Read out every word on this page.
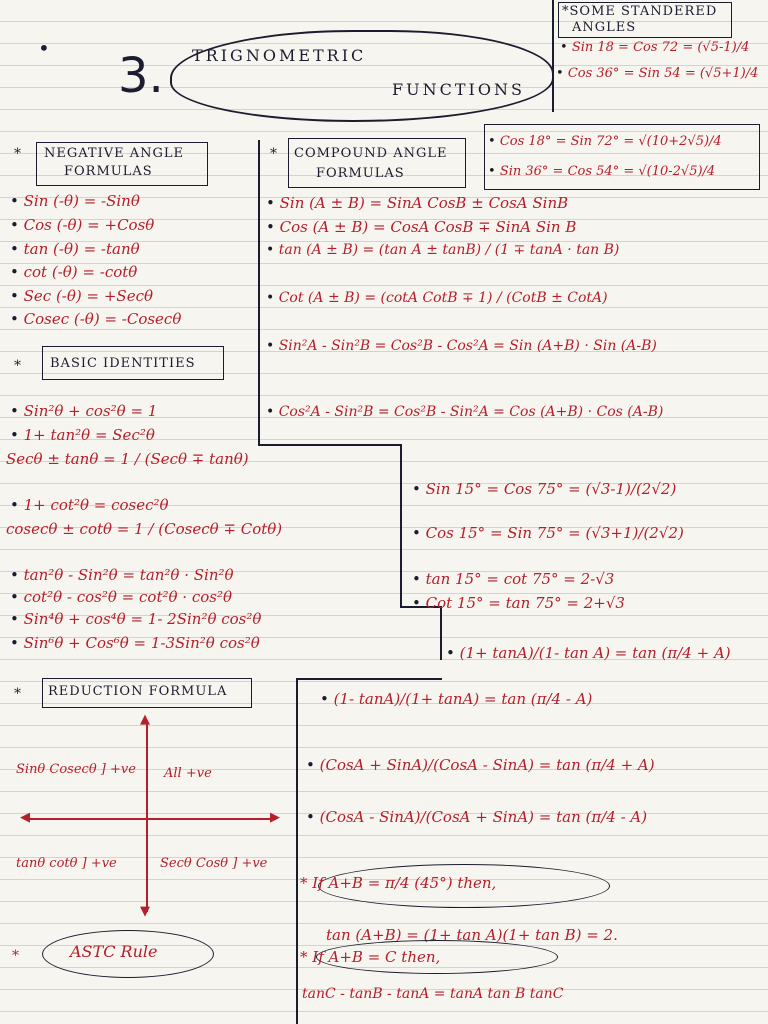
• 3. TRIGNOMETRIC
FUNCTIONS
*SOME STANDERED
ANGLES
• Sin 18 = Cos 72 = (√5-1)/4
• Cos 36° = Sin 54 = (√5+1)/4
• Cos 18° = Sin 72° = √(10+2√5)/4
• Sin 36° = Cos 54° = √(10-2√5)/4
* NEGATIVE ANGLE
FORMULAS
• Sin (-θ) = -Sinθ
• Cos (-θ) = +Cosθ
• tan (-θ) = -tanθ
• cot (-θ) = -cotθ
• Sec (-θ) = +Secθ
• Cosec (-θ) = -Cosecθ
* COMPOUND ANGLE
FORMULAS
• Sin (A ± B) = SinA CosB ± CosA SinB
• Cos (A ± B) = CosA CosB ∓ SinA Sin B
• tan (A ± B) = (tan A ± tanB) / (1 ∓ tanA · tan B)
• Cot (A ± B) = (cotA CotB ∓ 1) / (CotB ± CotA)
• Sin²A - Sin²B = Cos²B - Cos²A = Sin (A+B) · Sin (A-B)
• Cos²A - Sin²B = Cos²B - Sin²A = Cos (A+B) · Cos (A-B)
* BASIC IDENTITIES
• Sin²θ + cos²θ = 1
• 1+ tan²θ = Sec²θ
Secθ ± tanθ = 1 / (Secθ ∓ tanθ)
• 1+ cot²θ = cosec²θ
cosecθ ± cotθ = 1 / (Cosecθ ∓ Cotθ)
• tan²θ - Sin²θ = tan²θ · Sin²θ
• cot²θ - cos²θ = cot²θ · cos²θ
• Sin⁴θ + cos⁴θ = 1- 2Sin²θ cos²θ
• Sin⁶θ + Cos⁶θ = 1-3Sin²θ cos²θ
• Sin 15° = Cos 75° = (√3-1)/(2√2)
• Cos 15° = Sin 75° = (√3+1)/(2√2)
• tan 15° = cot 75° = 2-√3
• Cot 15° = tan 75° = 2+√3
• (1+ tanA)/(1- tan A) = tan (π/4 + A)
• (1- tanA)/(1+ tanA) = tan (π/4 - A)
• (CosA + SinA)/(CosA - SinA) = tan (π/4 + A)
• (CosA - SinA)/(CosA + SinA) = tan (π/4 - A)
* REDUCTION FORMULA
▲
▼
◀	▶
Sinθ Cosecθ ] +ve All +ve
tanθ cotθ ] +ve	Secθ Cosθ ] +ve
*	ASTC Rule
* If A+B = π/4 (45°) then,
tan (A+B) = (1+ tan A)(1+ tan B) = 2.
* If A+B = C then,
tanC - tanB - tanA = tanA tan B tanC
